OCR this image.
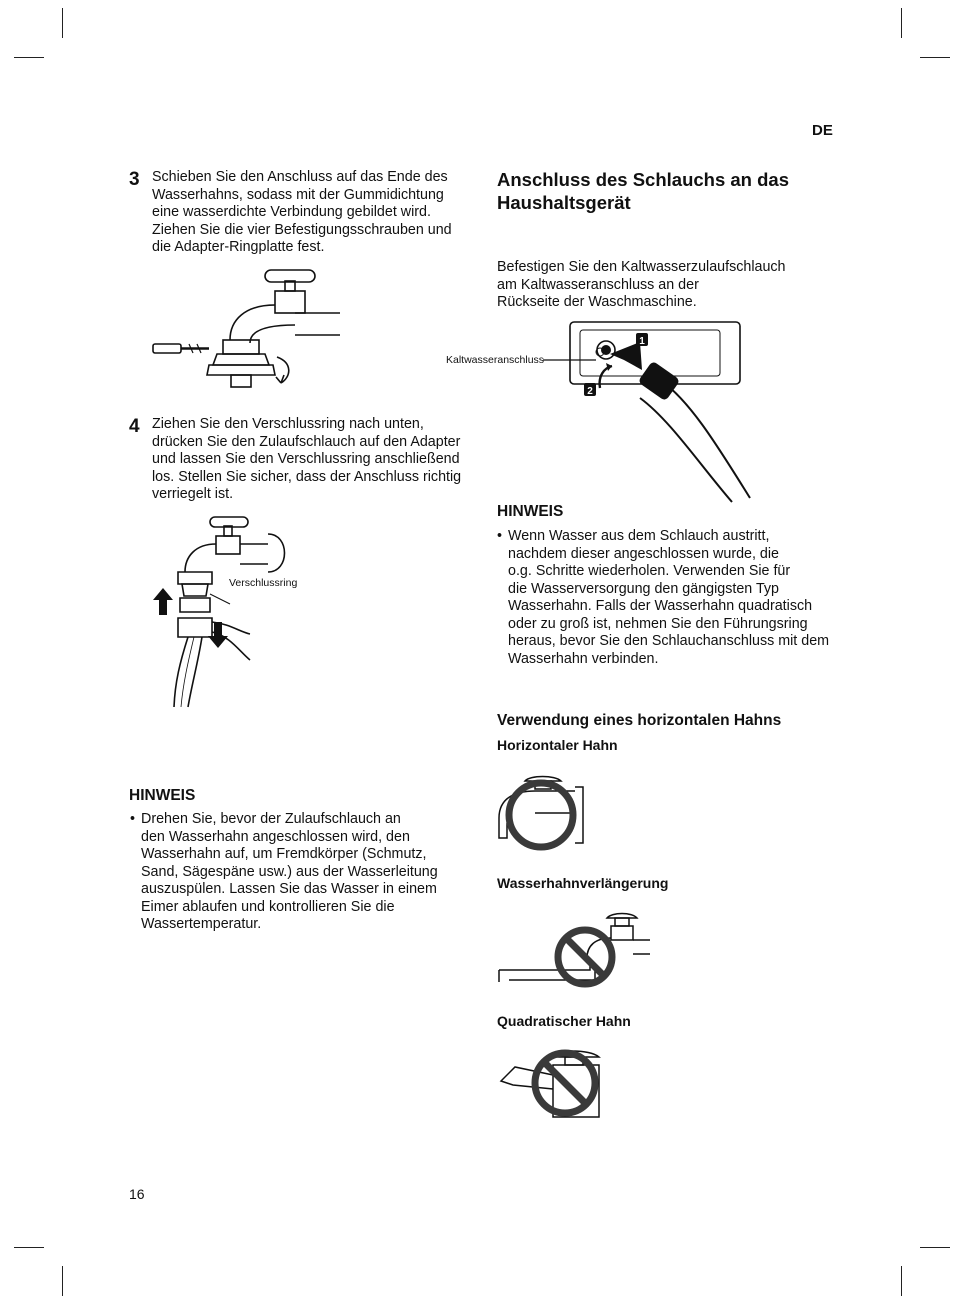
DE
3 Schieben Sie den Anschluss auf das Ende des
Wasserhahns, sodass mit der Gummidichtung
eine wasserdichte Verbindung gebildet wird.
Ziehen Sie die vier Befestigungsschrauben und
die Adapter-Ringplatte fest.
4 Ziehen Sie den Verschlussring nach unten,
drücken Sie den Zulaufschlauch auf den Adapter
und lassen Sie den Verschlussring anschließend
los. Stellen Sie sicher, dass der Anschluss richtig
verriegelt ist.
Verschlussring
HINWEIS
• Drehen Sie, bevor der Zulaufschlauch an
den Wasserhahn angeschlossen wird, den
Wasserhahn auf, um Fremdkörper (Schmutz,
Sand, Sägespäne usw.) aus der Wasserleitung
auszuspülen. Lassen Sie das Wasser in einem
Eimer ablaufen und kontrollieren Sie die
Wassertemperatur.
Anschluss des Schlauchs an das
Haushaltsgerät
Befestigen Sie den Kaltwasserzulaufschlauch
am Kaltwasseranschluss an der
Rückseite der Waschmaschine.
Kaltwasseranschluss
1
2
HINWEIS
• Wenn Wasser aus dem Schlauch austritt,
nachdem dieser angeschlossen wurde, die
o.g. Schritte wiederholen. Verwenden Sie für
die Wasserversorgung den gängigsten Typ
Wasserhahn. Falls der Wasserhahn quadratisch
oder zu groß ist, nehmen Sie den Führungsring
heraus, bevor Sie den Schlauchanschluss mit dem
Wasserhahn verbinden.
Verwendung eines horizontalen Hahns
Horizontaler Hahn
Wasserhahnverlängerung
Quadratischer Hahn
16
